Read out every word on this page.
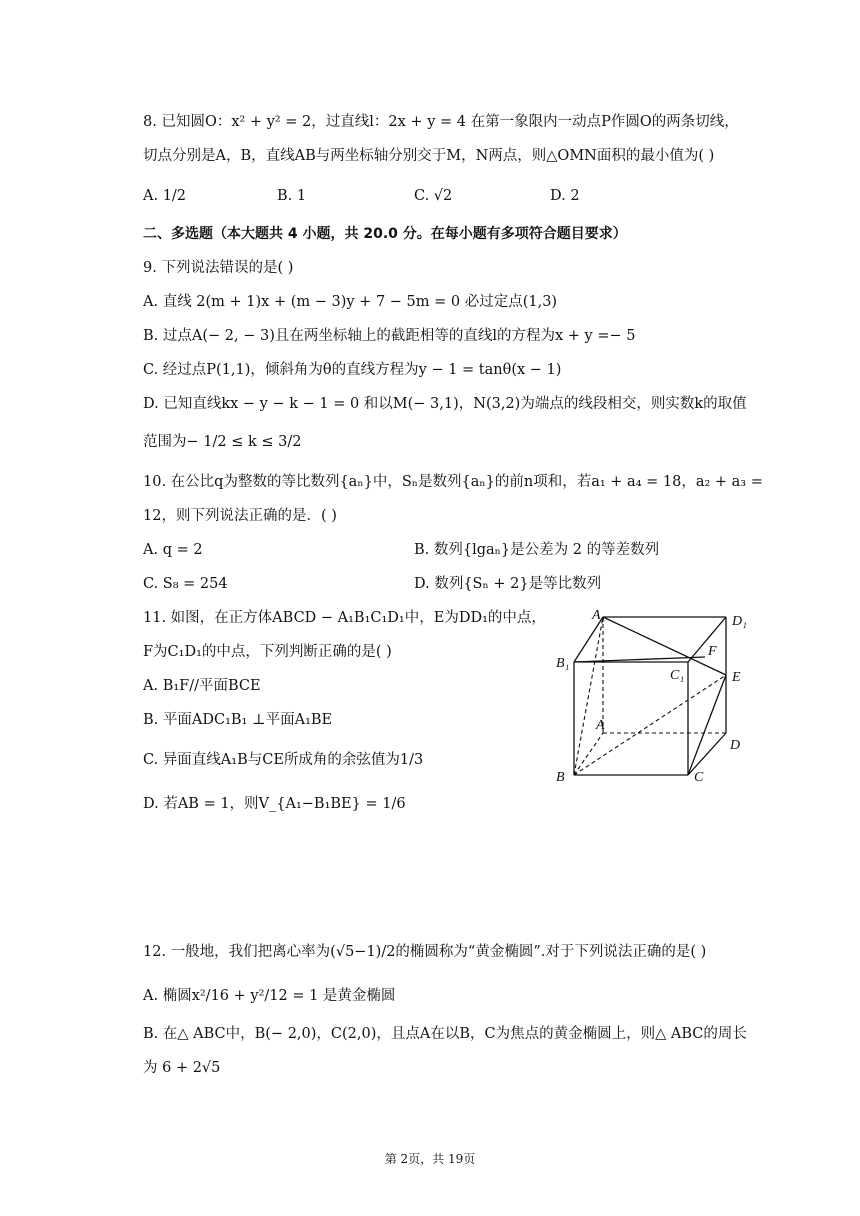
8. 已知圆O：x² + y² = 2，过直线l：2x + y = 4 在第一象限内一动点P作圆O的两条切线，
切点分别是A，B，直线AB与两坐标轴分别交于M，N两点，则△OMN面积的最小值为( )
A. 1/2	B. 1	C. √2	D. 2
二、多选题（本大题共 4 小题，共 20.0 分。在每小题有多项符合题目要求）
9. 下列说法错误的是( )
A. 直线 2(m + 1)x + (m − 3)y + 7 − 5m = 0 必过定点(1,3)
B. 过点A(− 2, − 3)且在两坐标轴上的截距相等的直线l的方程为x + y =− 5
C. 经过点P(1,1)，倾斜角为θ的直线方程为y − 1 = tanθ(x − 1)
D. 已知直线kx − y − k − 1 = 0 和以M(− 3,1)，N(3,2)为端点的线段相交，则实数k的取值
范围为− 1/2 ≤ k ≤ 3/2
10. 在公比q为整数的等比数列{aₙ}中，Sₙ是数列{aₙ}的前n项和，若a₁ + a₄ = 18，a₂ + a₃ =
12，则下列说法正确的是．( )
A. q = 2	B. 数列{lgaₙ}是公差为 2 的等差数列
C. S₈ = 254	D. 数列{Sₙ + 2}是等比数列
11. 如图，在正方体ABCD − A₁B₁C₁D₁中，E为DD₁的中点，
F为C₁D₁的中点，下列判断正确的是( )
A. B₁F//平面BCE
B. 平面ADC₁B₁ ⊥平面A₁BE
C. 异面直线A₁B与CE所成角的余弦值为1/3
D. 若AB = 1，则V_{A₁−B₁BE} = 1/6
A₁	D₁
B₁
C₁
F
E
A
D
B	C
12. 一般地，我们把离心率为(√5−1)/2的椭圆称为“黄金椭圆”.对于下列说法正确的是( )
A. 椭圆x²/16 + y²/12 = 1 是黄金椭圆
B. 在△ ABC中，B(− 2,0)，C(2,0)，且点A在以B，C为焦点的黄金椭圆上，则△ ABC的周长
为 6 + 2√5
第 2页，共 19页
